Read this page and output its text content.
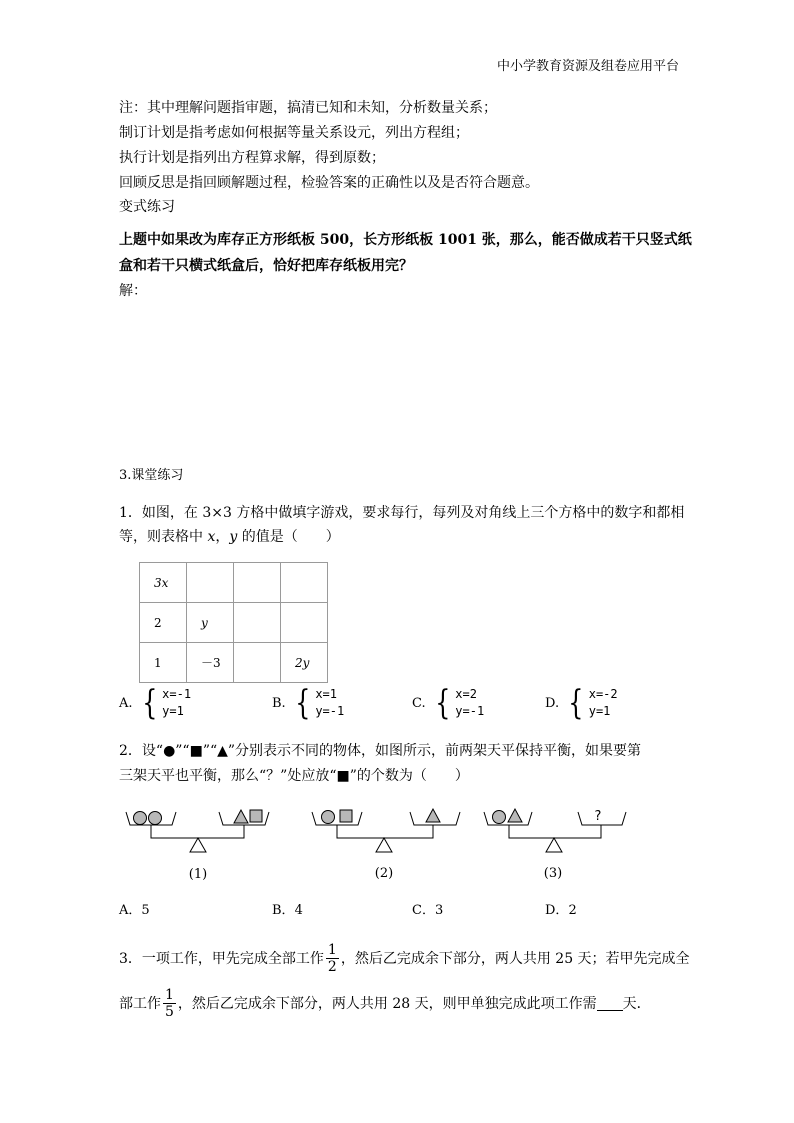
中小学教育资源及组卷应用平台
注：其中理解问题指审题，搞清已知和未知，分析数量关系；
制订计划是指考虑如何根据等量关系设元，列出方程组；
执行计划是指列出方程算求解，得到原数；
回顾反思是指回顾解题过程，检验答案的正确性以及是否符合题意。
变式练习
上题中如果改为库存正方形纸板 500，长方形纸板 1001 张，那么，能否做成若干只竖式纸
盒和若干只横式纸盒后，恰好把库存纸板用完？
解：
3.课堂练习
1．如图，在 3×3 方格中做填字游戏，要求每行，每列及对角线上三个方格中的数字和都相
等，则表格中 x，y 的值是（　　）
3x			
2	y		
1	－3		2y
A. { x=-1
y=1
B. { x=1
y=-1
C. { x=2
y=-1
D. { x=-2
y=1
2．设“●”“■”“▲”分别表示不同的物体，如图所示，前两架天平保持平衡，如果要第
三架天平也平衡，那么“？”处应放“■”的个数为（　　）
?
(1)	(2)	(3)
A．5	B．4	C．3	D．2
3．一项工作，甲先完成全部工作 $\frac{1}{2}$ ，然后乙完成余下部分，两人共用 25 天；若甲先完成全
部工作 $\frac{1}{5}$ ，然后乙完成余下部分，两人共用 28 天，则甲单独完成此项工作需 天．
